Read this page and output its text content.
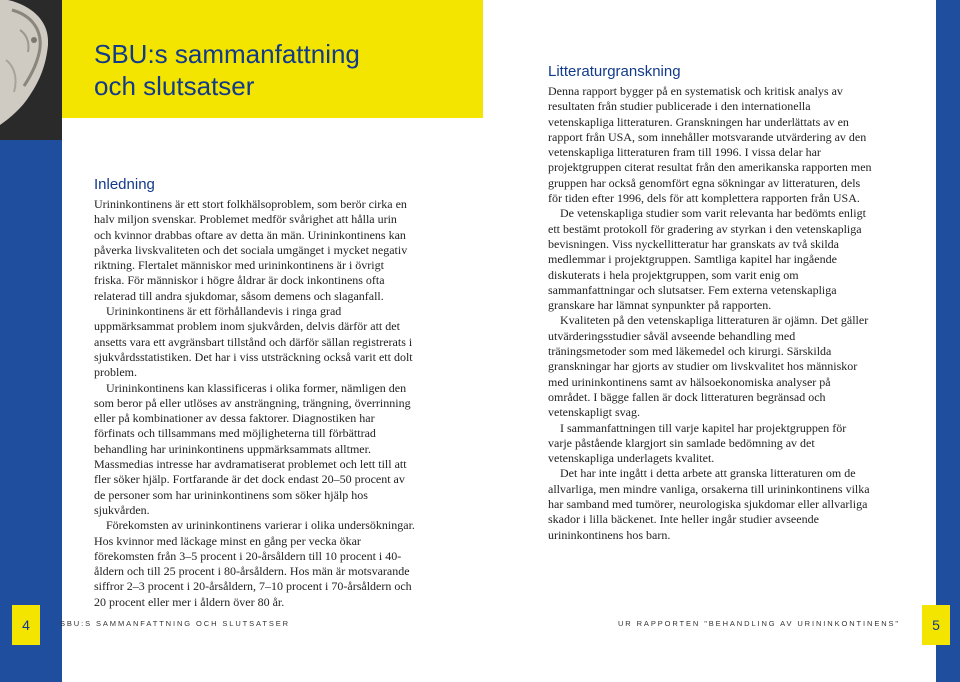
SBU:s sammanfattning
och slutsatser
Inledning

Urininkontinens är ett stort folkhälsoproblem, som berör cirka en halv miljon svenskar. Problemet medför svårighet att hålla urin och kvinnor drabbas oftare av detta än män. Urininkontinens kan påverka livskvaliteten och det sociala umgänget i mycket negativ riktning. Flertalet människor med urininkontinens är i övrigt friska. För människor i högre åldrar är dock inkontinens ofta relaterad till andra sjukdomar, såsom demens och slaganfall.

Urininkontinens är ett förhållandevis i ringa grad uppmärksammat problem inom sjukvården, delvis därför att det ansetts vara ett avgränsbart tillstånd och därför sällan registrerats i sjukvårdsstatistiken. Det har i viss utsträckning också varit ett dolt problem.

Urininkontinens kan klassificeras i olika former, nämligen den som beror på eller utlöses av ansträngning, trängning, överrinning eller på kombinationer av dessa faktorer. Diagnostiken har förfinats och tillsammans med möjligheterna till förbättrad behandling har urininkontinens uppmärksammats alltmer. Massmedias intresse har avdramatiserat problemet och lett till att fler söker hjälp. Fortfarande är det dock endast 20–50 procent av de personer som har urininkontinens som söker hjälp hos sjukvården.

Förekomsten av urininkontinens varierar i olika undersökningar. Hos kvinnor med läckage minst en gång per vecka ökar förekomsten från 3–5 procent i 20-årsåldern till 10 procent i 40-åldern och till 25 procent i 80-årsåldern. Hos män är motsvarande siffror 2–3 procent i 20-årsåldern, 7–10 procent i 70-årsåldern och 20 procent eller mer i åldern över 80 år.

Litteraturgranskning

Denna rapport bygger på en systematisk och kritisk analys av resultaten från studier publicerade i den internationella vetenskapliga litteraturen. Granskningen har underlättats av en rapport från USA, som innehåller motsvarande utvärdering av den vetenskapliga litteraturen fram till 1996. I vissa delar har projektgruppen citerat resultat från den amerikanska rapporten men gruppen har också genomfört egna sökningar av litteraturen, dels för tiden efter 1996, dels för att komplettera rapporten från USA.

De vetenskapliga studier som varit relevanta har bedömts enligt ett bestämt protokoll för gradering av styrkan i den vetenskapliga bevisningen. Viss nyckellitteratur har granskats av två skilda medlemmar i projektgruppen. Samtliga kapitel har ingående diskuterats i hela projektgruppen, som varit enig om sammanfattningar och slutsatser. Fem externa vetenskapliga granskare har lämnat synpunkter på rapporten.

Kvaliteten på den vetenskapliga litteraturen är ojämn. Det gäller utvärderingsstudier såväl avseende behandling med träningsmetoder som med läkemedel och kirurgi. Särskilda granskningar har gjorts av studier om livskvalitet hos människor med urininkontinens samt av hälsoekonomiska analyser på området. I bägge fallen är dock litteraturen begränsad och vetenskapligt svag.

I sammanfattningen till varje kapitel har projektgruppen för varje påstående klargjort sin samlade bedömning av det vetenskapliga underlagets kvalitet.

Det har inte ingått i detta arbete att granska litteraturen om de allvarliga, men mindre vanliga, orsakerna till urininkontinens vilka har samband med tumörer, neurologiska sjukdomar eller allvarliga skador i lilla bäckenet. Inte heller ingår studier avseende urininkontinens hos barn.

4	SBU:S SAMMANFATTNING OCH SLUTSATSER	UR RAPPORTEN "BEHANDLING AV URININKONTINENS"	5
